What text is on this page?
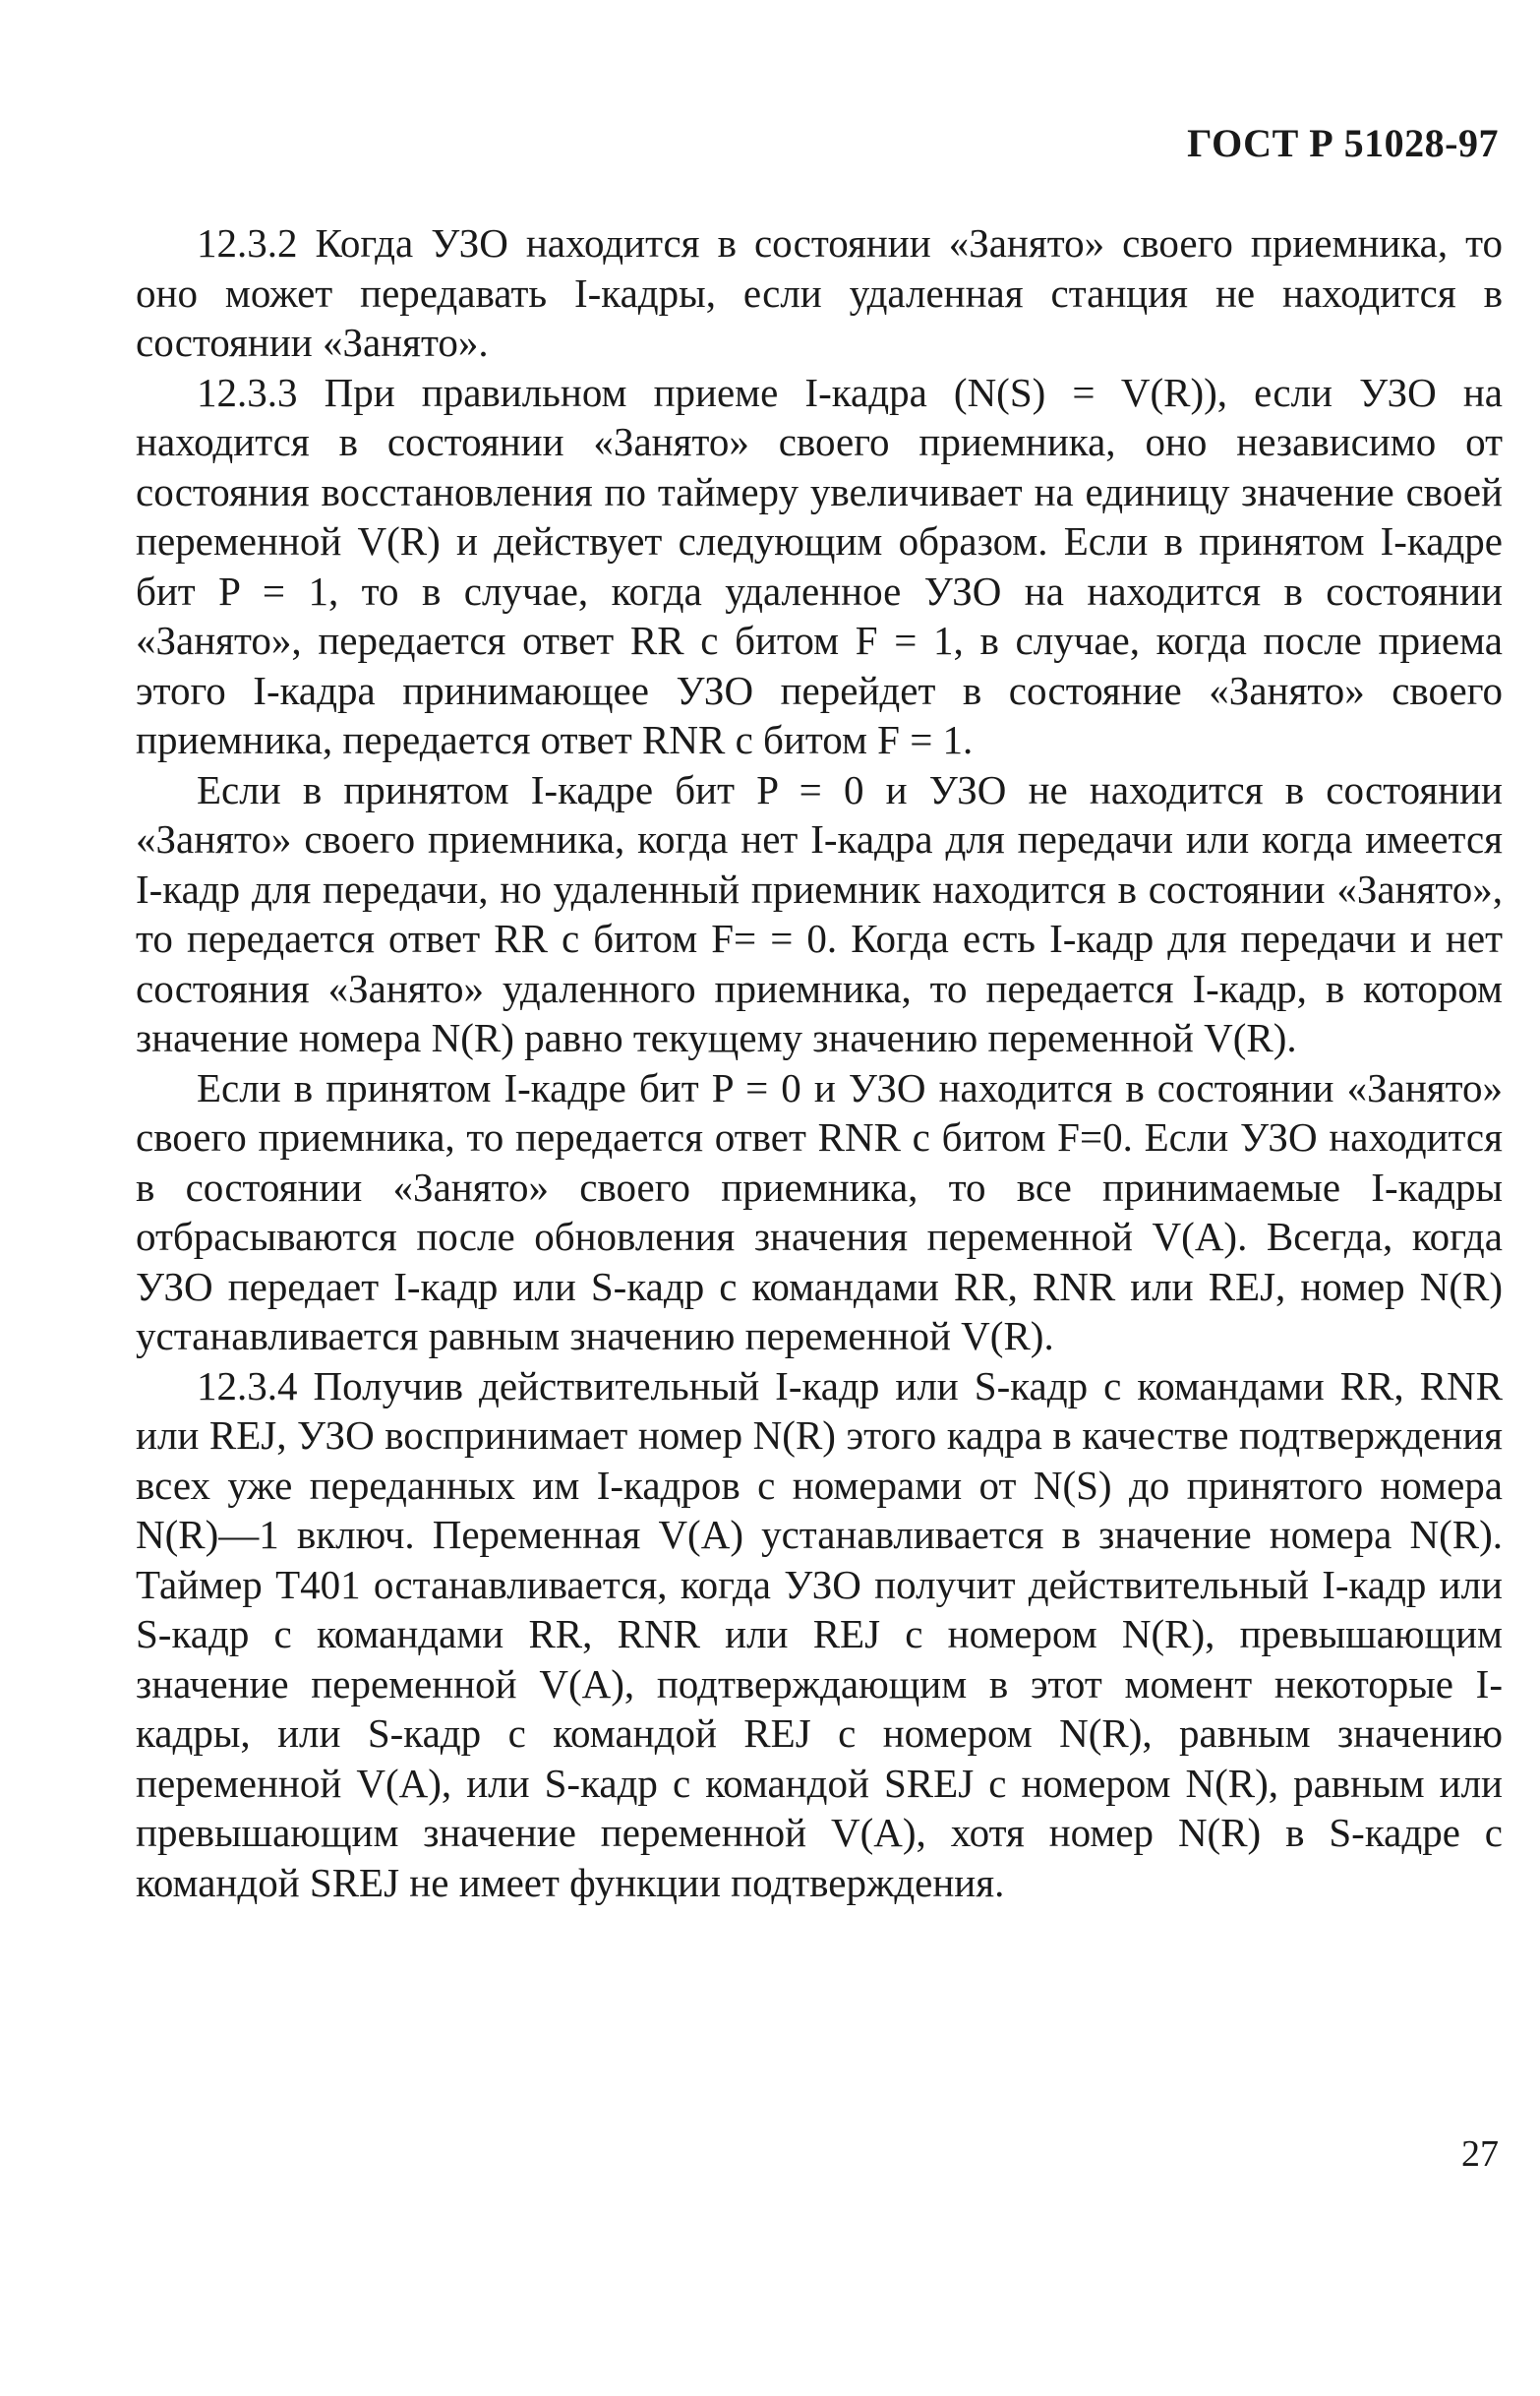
ГОСТ Р 51028-97

12.3.2 Когда УЗО находится в состоянии «Занято» своего приемника, то оно может передавать I-кадры, если удаленная станция не находится в состоянии «Занято».

12.3.3 При правильном приеме I-кадра (N(S) = V(R)), если УЗО на находится в состоянии «Занято» своего приемника, оно независимо от состояния восстановления по таймеру увеличивает на единицу значение своей переменной V(R) и действует следующим образом. Если в принятом I-кадре бит P = 1, то в случае, когда удаленное УЗО на находится в состоянии «Занято», передается ответ RR с битом F = 1, в случае, когда после приема этого I-кадра принимающее УЗО перейдет в состояние «Занято» своего приемника, передается ответ RNR с битом F = 1.

Если в принятом I-кадре бит P = 0 и УЗО не находится в состоянии «Занято» своего приемника, когда нет I-кадра для передачи или когда имеется I-кадр для передачи, но удаленный приемник находится в состоянии «Занято», то передается ответ RR с битом F= = 0. Когда есть I-кадр для передачи и нет состояния «Занято» удаленного приемника, то передается I-кадр, в котором значение номера N(R) равно текущему значению переменной V(R).

Если в принятом I-кадре бит P = 0 и УЗО находится в состоянии «Занято» своего приемника, то передается ответ RNR с битом F=0. Если УЗО находится в состоянии «Занято» своего приемника, то все принимаемые I-кадры отбрасываются после обновления значения переменной V(A). Всегда, когда УЗО передает I-кадр или S-кадр с командами RR, RNR или REJ, номер N(R) устанавливается равным значению переменной V(R).

12.3.4 Получив действительный I-кадр или S-кадр с командами RR, RNR или REJ, УЗО воспринимает номер N(R) этого кадра в качестве подтверждения всех уже переданных им I-кадров с номерами от N(S) до принятого номера N(R)—1 включ. Переменная V(A) устанавливается в значение номера N(R). Таймер T401 останавливается, когда УЗО получит действительный I-кадр или S-кадр с командами RR, RNR или REJ с номером N(R), превышающим значение переменной V(A), подтверждающим в этот момент некоторые I-кадры, или S-кадр с командой REJ с номером N(R), равным значению переменной V(A), или S-кадр с командой SREJ с номером N(R), равным или превышающим значение переменной V(A), хотя номер N(R) в S-кадре с командой SREJ не имеет функции подтверждения.

27
